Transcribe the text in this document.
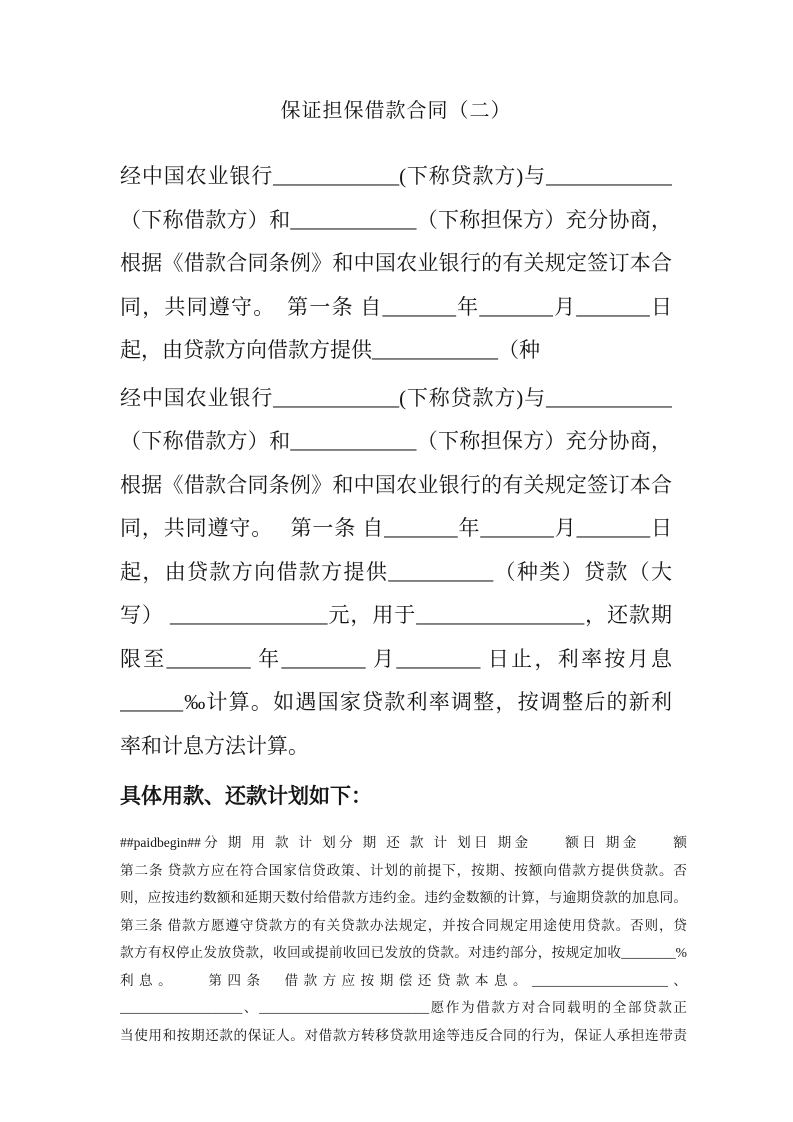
保证担保借款合同（二）
经中国农业银行____________(下称贷款方)与____________
（下称借款方）和____________（下称担保方）充分协商，
根据《借款合同条例》和中国农业银行的有关规定签订本合
同，共同遵守。　第一条 自_______年_______月_______日
起，由贷款方向借款方提供____________（种
经中国农业银行____________(下称贷款方)与____________
（下称借款方）和____________（下称担保方）充分协商，
根据《借款合同条例》和中国农业银行的有关规定签订本合
同，共同遵守。　 第一条 自_______年_______月_______日
起，由贷款方向借款方提供__________（种类）贷款（大
写） _______________元，用于________________，还款期
限至________ 年________ 月________ 日止，利率按月息
______‰计算。如遇国家贷款利率调整，按调整后的新利
率和计息方法计算。
具体用款、还款计划如下：
##paidbegin##分 期 用 款 计 划分 期 还 款 计 划日 期金　　额日 期金　　额
第二条 贷款方应在符合国家信贷政策、计划的前提下，按期、按额向借款方提供贷款。否
则，应按违约数额和延期天数付给借款方违约金。违约金数额的计算，与逾期贷款的加息同。
第三条 借款方愿遵守贷款方的有关贷款办法规定，并按合同规定用途使用贷款。否则，贷
款方有权停止发放贷款，收回或提前收回已发放的贷款。对违约部分，按规定加收________%
利息。　　第四条　借款方应按期偿还贷款本息。____________________、
__________________、_________________________愿作为借款方对合同载明的全部贷款正
当使用和按期还款的保证人。对借款方转移贷款用途等违反合同的行为，保证人承担连带责
